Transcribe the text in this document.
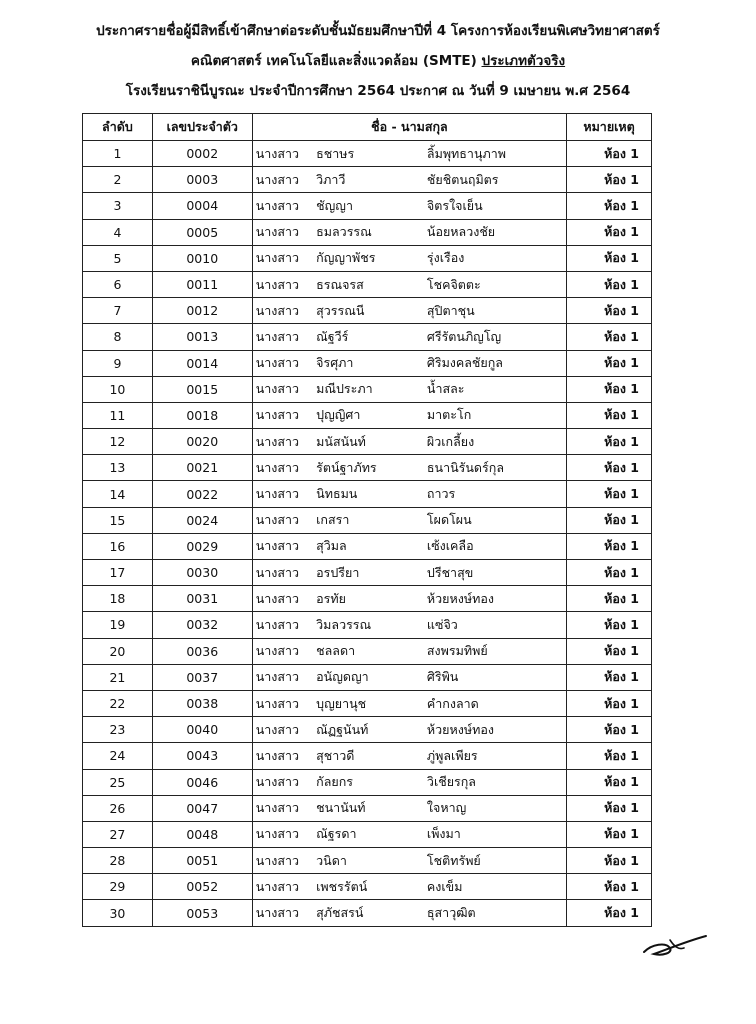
ประกาศรายชื่อผู้มีสิทธิ์เข้าศึกษาต่อระดับชั้นมัธยมศึกษาปีที่ 4 โครงการห้องเรียนพิเศษวิทยาศาสตร์
คณิตศาสตร์ เทคโนโลยีและสิ่งแวดล้อม (SMTE) ประเภทตัวจริง
โรงเรียนราชินีบูรณะ ประจำปีการศึกษา 2564 ประกาศ ณ วันที่ 9 เมษายน พ.ศ 2564
ลำดับ	เลขประจำตัว	ชื่อ - นามสกุล			หมายเหตุ
1	0002	นางสาว	ธชาษร	ลิ้มพุทธานุภาพ	ห้อง 1
2	0003	นางสาว	วิภาวี	ชัยชิตนฤมิตร	ห้อง 1
3	0004	นางสาว	ชัญญา	จิตรใจเย็น	ห้อง 1
4	0005	นางสาว	ธมลวรรณ	น้อยหลวงชัย	ห้อง 1
5	0010	นางสาว	กัญญาพัชร	รุ่งเรือง	ห้อง 1
6	0011	นางสาว	ธรณจรส	โชคจิตตะ	ห้อง 1
7	0012	นางสาว	สุวรรณนี	สุปิตาชุน	ห้อง 1
8	0013	นางสาว	ณัฐวีร์	ศรีรัตนภิญโญ	ห้อง 1
9	0014	นางสาว	จิรศุภา	ศิริมงคลชัยกูล	ห้อง 1
10	0015	นางสาว	มณีประภา	น้ำสละ	ห้อง 1
11	0018	นางสาว	ปุญญิศา	มาตะโก	ห้อง 1
12	0020	นางสาว	มนัสนันท์	ผิวเกลี้ยง	ห้อง 1
13	0021	นางสาว	รัตน์ฐาภัทร	ธนานิรันดร์กุล	ห้อง 1
14	0022	นางสาว	นิทธมน	ถาวร	ห้อง 1
15	0024	นางสาว	เกสรา	โผดโผน	ห้อง 1
16	0029	นางสาว	สุวิมล	เซ้งเคลือ	ห้อง 1
17	0030	นางสาว	อรปรียา	ปรีชาสุข	ห้อง 1
18	0031	นางสาว	อรทัย	ห้วยหงษ์ทอง	ห้อง 1
19	0032	นางสาว	วิมลวรรณ	แซ่จิว	ห้อง 1
20	0036	นางสาว	ชลลดา	สงพรมทิพย์	ห้อง 1
21	0037	นางสาว	อนัญดญา	ศิริพิน	ห้อง 1
22	0038	นางสาว	บุญยานุช	คำกงลาด	ห้อง 1
23	0040	นางสาว	ณัฏฐนันท์	ห้วยหงษ์ทอง	ห้อง 1
24	0043	นางสาว	สุชาวดี	ภู่พูลเพียร	ห้อง 1
25	0046	นางสาว	กัลยกร	วิเชียรกุล	ห้อง 1
26	0047	นางสาว	ชนานันท์	ใจหาญ	ห้อง 1
27	0048	นางสาว	ณัฐรดา	เพ็งมา	ห้อง 1
28	0051	นางสาว	วนิดา	โชติทรัพย์	ห้อง 1
29	0052	นางสาว	เพชรรัตน์	คงเข็ม	ห้อง 1
30	0053	นางสาว	สุภัชสรน์	ธุสาวุฒิต	ห้อง 1
